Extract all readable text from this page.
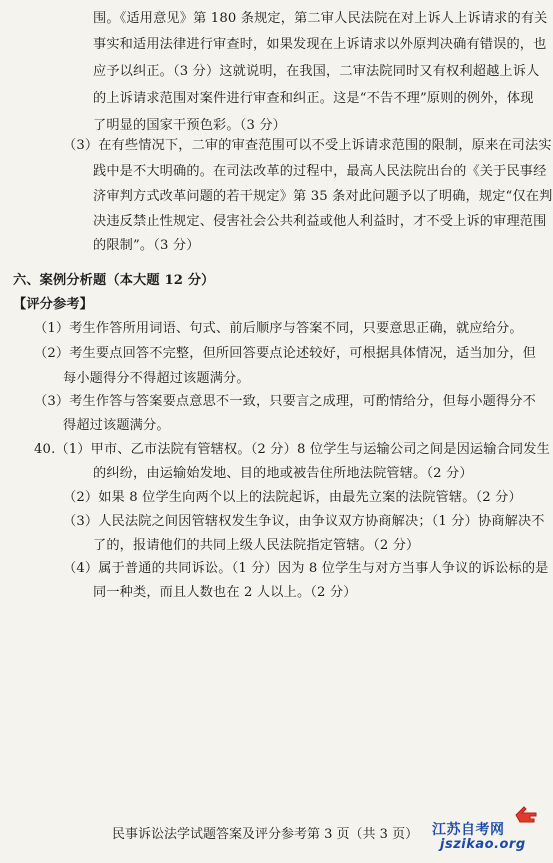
围。《适用意见》第 180 条规定，第二审人民法院在对上诉人上诉请求的有关
事实和适用法律进行审查时，如果发现在上诉请求以外原判决确有错误的，也
应予以纠正。（3 分）这就说明，在我国，二审法院同时又有权利超越上诉人
的上诉请求范围对案件进行审查和纠正。这是“不告不理”原则的例外，体现
了明显的国家干预色彩。（3 分）
（3）在有些情况下，二审的审查范围可以不受上诉请求范围的限制，原来在司法实
践中是不大明确的。在司法改革的过程中，最高人民法院出台的《关于民事经
济审判方式改革问题的若干规定》第 35 条对此问题予以了明确，规定“仅在判
决违反禁止性规定、侵害社会公共利益或他人利益时，才不受上诉的审理范围
的限制”。（3 分）
六、案例分析题（本大题 12 分）
【评分参考】
（1）考生作答所用词语、句式、前后顺序与答案不同，只要意思正确，就应给分。
（2）考生要点回答不完整，但所回答要点论述较好，可根据具体情况，适当加分，但
每小题得分不得超过该题满分。
（3）考生作答与答案要点意思不一致，只要言之成理，可酌情给分，但每小题得分不
得超过该题满分。
40.（1）甲市、乙市法院有管辖权。（2 分）8 位学生与运输公司之间是因运输合同发生
的纠纷，由运输始发地、目的地或被告住所地法院管辖。（2 分）
（2）如果 8 位学生向两个以上的法院起诉，由最先立案的法院管辖。（2 分）
（3）人民法院之间因管辖权发生争议，由争议双方协商解决；（1 分）协商解决不
了的，报请他们的共同上级人民法院指定管辖。（2 分）
（4）属于普通的共同诉讼。（1 分）因为 8 位学生与对方当事人争议的诉讼标的是
同一种类，而且人数也在 2 人以上。（2 分）
民事诉讼法学试题答案及评分参考第 3 页（共 3 页） 江苏自考网
jszikao.org
